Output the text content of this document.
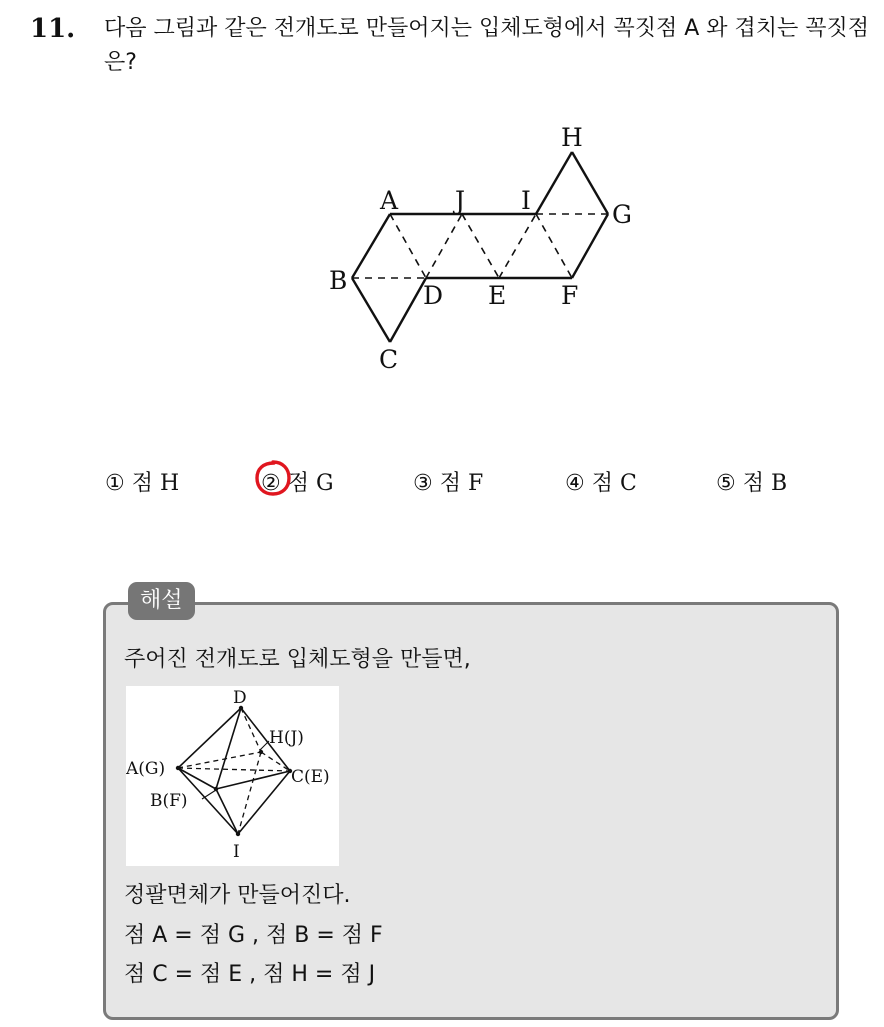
11. 다음 그림과 같은 전개도로 만들어지는 입체도형에서 꼭짓점 A 와 겹치는 꼭짓점은?
A J I
H
G
B
D E F
C
① 점 H	② 점 G	③ 점 F	④ 점 C	⑤ 점 B
해설
주어진 전개도로 입체도형을 만들면,
D
H(J)
A(G)	C(E)
B(F)
I
정팔면체가 만들어진다.
점 A = 점 G , 점 B = 점 F
점 C = 점 E , 점 H = 점 J
